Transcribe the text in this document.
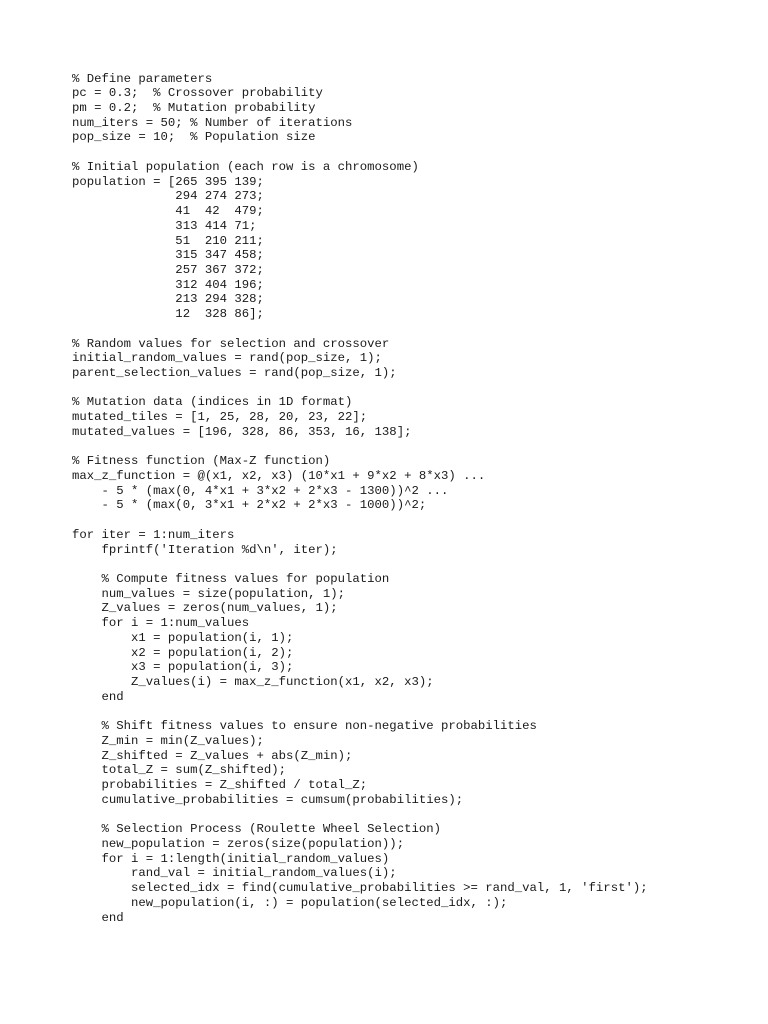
% Define parameters
pc = 0.3;  % Crossover probability
pm = 0.2;  % Mutation probability
num_iters = 50; % Number of iterations
pop_size = 10;  % Population size

% Initial population (each row is a chromosome)
population = [265 395 139;
294 274 273;
41  42  479;
313 414 71;
51  210 211;
315 347 458;
257 367 372;
312 404 196;
213 294 328;
12  328 86];

% Random values for selection and crossover
initial_random_values = rand(pop_size, 1);
parent_selection_values = rand(pop_size, 1);

% Mutation data (indices in 1D format)
mutated_tiles = [1, 25, 28, 20, 23, 22];
mutated_values = [196, 328, 86, 353, 16, 138];

% Fitness function (Max-Z function)
max_z_function = @(x1, x2, x3) (10*x1 + 9*x2 + 8*x3) ...
- 5 * (max(0, 4*x1 + 3*x2 + 2*x3 - 1300))^2 ...
- 5 * (max(0, 3*x1 + 2*x2 + 2*x3 - 1000))^2;

for iter = 1:num_iters
fprintf('Iteration %d\n', iter);

% Compute fitness values for population
num_values = size(population, 1);
Z_values = zeros(num_values, 1);
for i = 1:num_values
x1 = population(i, 1);
x2 = population(i, 2);
x3 = population(i, 3);
Z_values(i) = max_z_function(x1, x2, x3);
end

% Shift fitness values to ensure non-negative probabilities
Z_min = min(Z_values);
Z_shifted = Z_values + abs(Z_min);
total_Z = sum(Z_shifted);
probabilities = Z_shifted / total_Z;
cumulative_probabilities = cumsum(probabilities);

% Selection Process (Roulette Wheel Selection)
new_population = zeros(size(population));
for i = 1:length(initial_random_values)
rand_val = initial_random_values(i);
selected_idx = find(cumulative_probabilities >= rand_val, 1, 'first');
new_population(i, :) = population(selected_idx, :);
end
